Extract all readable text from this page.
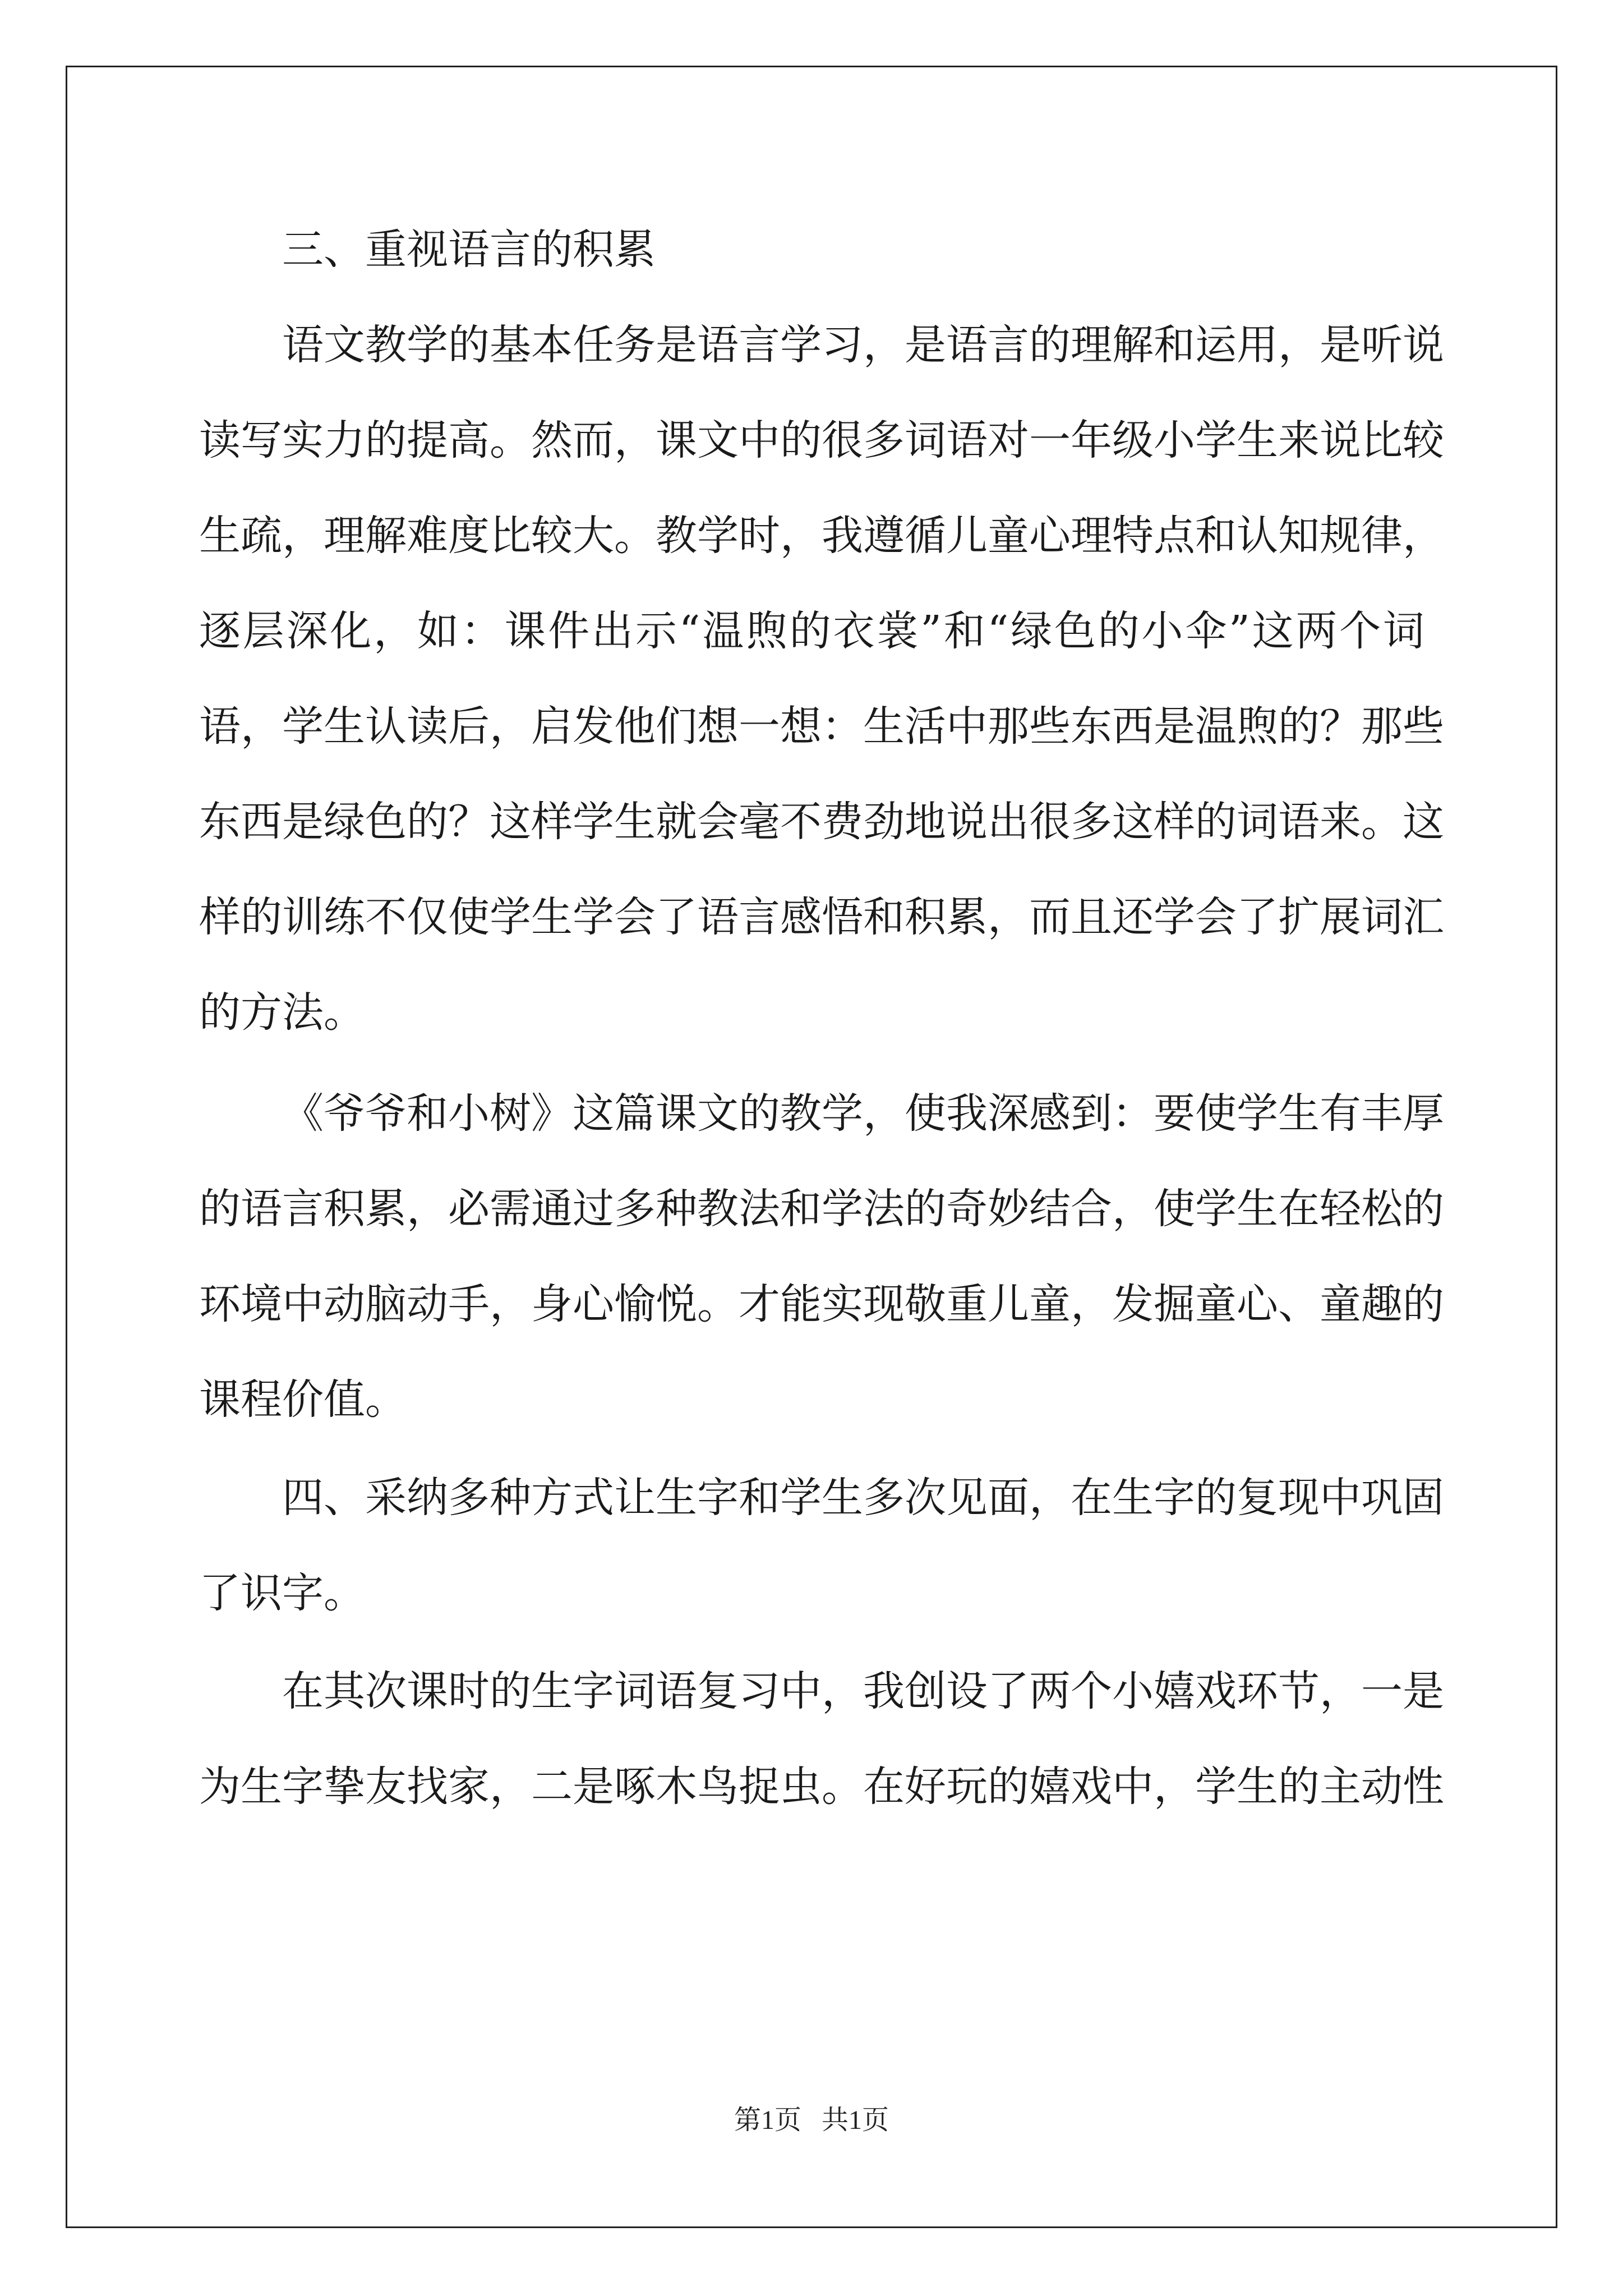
三、重视语言的积累
语文教学的基本任务是语言学习，是语言的理解和运用，是听说
读写实力的提高。然而，课文中的很多词语对一年级小学生来说比较
生疏，理解难度比较大。教学时，我遵循儿童心理特点和认知规律，
逐层深化，如：课件出示“温煦的衣裳”和“绿色的小伞”这两个词
语，学生认读后，启发他们想一想：生活中那些东西是温煦的？那些
东西是绿色的？这样学生就会毫不费劲地说出很多这样的词语来。这
样的训练不仅使学生学会了语言感悟和积累，而且还学会了扩展词汇
的方法。
《爷爷和小树》这篇课文的教学，使我深感到：要使学生有丰厚
的语言积累，必需通过多种教法和学法的奇妙结合，使学生在轻松的
环境中动脑动手，身心愉悦。才能实现敬重儿童，发掘童心、童趣的
课程价值。
四、采纳多种方式让生字和学生多次见面，在生字的复现中巩固
了识字。
在其次课时的生字词语复习中，我创设了两个小嬉戏环节，一是
为生字挚友找家，二是啄木鸟捉虫。在好玩的嬉戏中，学生的主动性
第1页 共1页
